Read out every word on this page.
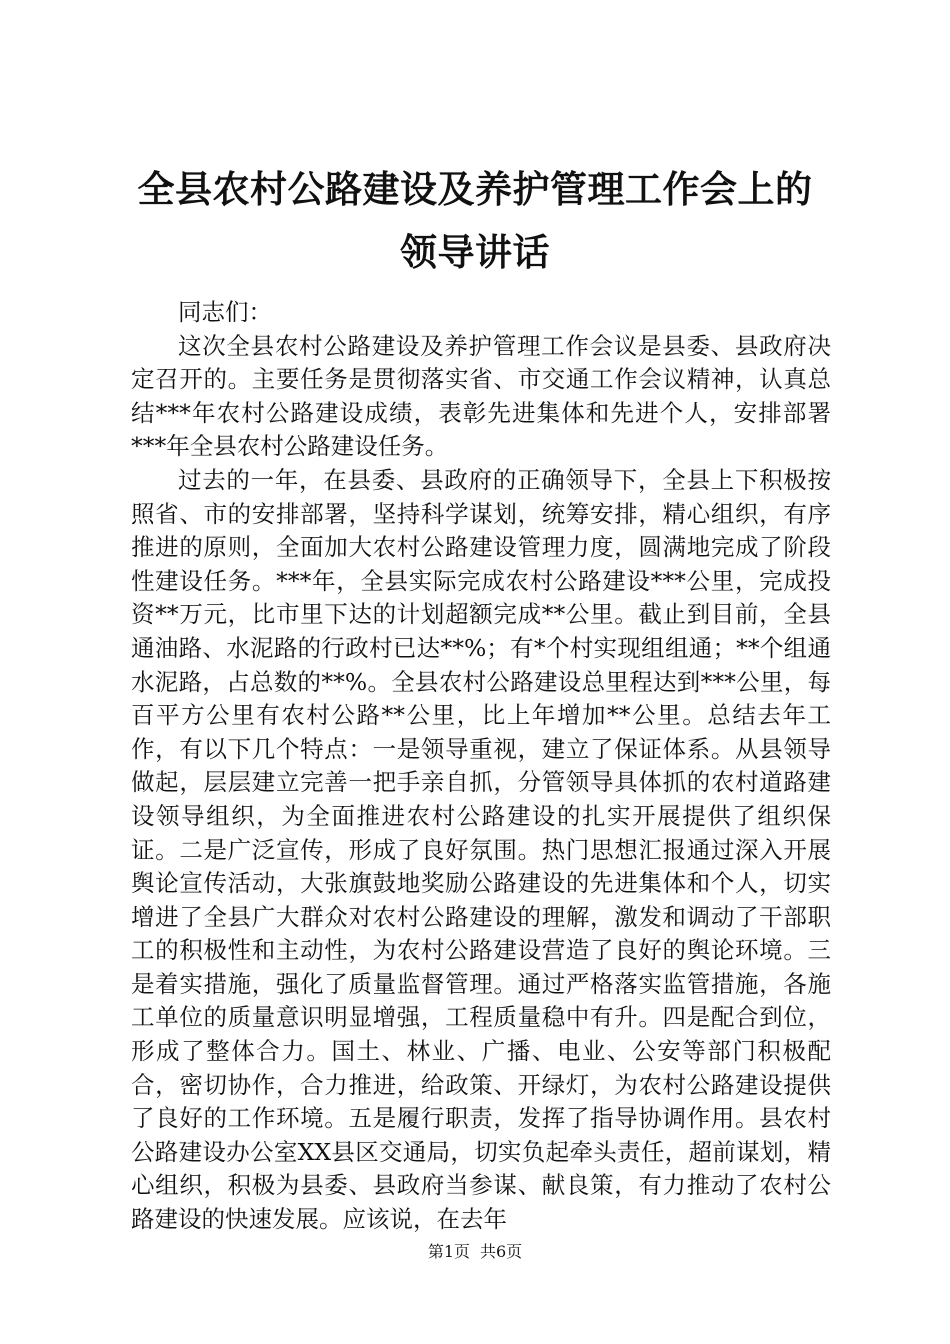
全县农村公路建设及养护管理工作会上的领导讲话

同志们：

这次全县农村公路建设及养护管理工作会议是县委、县政府决定召开的。主要任务是贯彻落实省、市交通工作会议精神，认真总结***年农村公路建设成绩，表彰先进集体和先进个人，安排部署***年全县农村公路建设任务。

过去的一年，在县委、县政府的正确领导下，全县上下积极按照省、市的安排部署，坚持科学谋划，统筹安排，精心组织，有序推进的原则，全面加大农村公路建设管理力度，圆满地完成了阶段性建设任务。***年，全县实际完成农村公路建设***公里，完成投资**万元，比市里下达的计划超额完成**公里。截止到目前，全县通油路、水泥路的行政村已达**%；有*个村实现组组通；**个组通水泥路，占总数的**%。全县农村公路建设总里程达到***公里，每百平方公里有农村公路**公里，比上年增加**公里。总结去年工作，有以下几个特点：一是领导重视，建立了保证体系。从县领导做起，层层建立完善一把手亲自抓，分管领导具体抓的农村道路建设领导组织，为全面推进农村公路建设的扎实开展提供了组织保证。二是广泛宣传，形成了良好氛围。热门思想汇报通过深入开展舆论宣传活动，大张旗鼓地奖励公路建设的先进集体和个人，切实增进了全县广大群众对农村公路建设的理解，激发和调动了干部职工的积极性和主动性，为农村公路建设营造了良好的舆论环境。三是着实措施，强化了质量监督管理。通过严格落实监管措施，各施工单位的质量意识明显增强，工程质量稳中有升。四是配合到位，形成了整体合力。国土、林业、广播、电业、公安等部门积极配合，密切协作，合力推进，给政策、开绿灯，为农村公路建设提供了良好的工作环境。五是履行职责，发挥了指导协调作用。县农村公路建设办公室XX县区交通局，切实负起牵头责任，超前谋划，精心组织，积极为县委、县政府当参谋、献良策，有力推动了农村公路建设的快速发展。应该说，在去年

第1页 共6页
